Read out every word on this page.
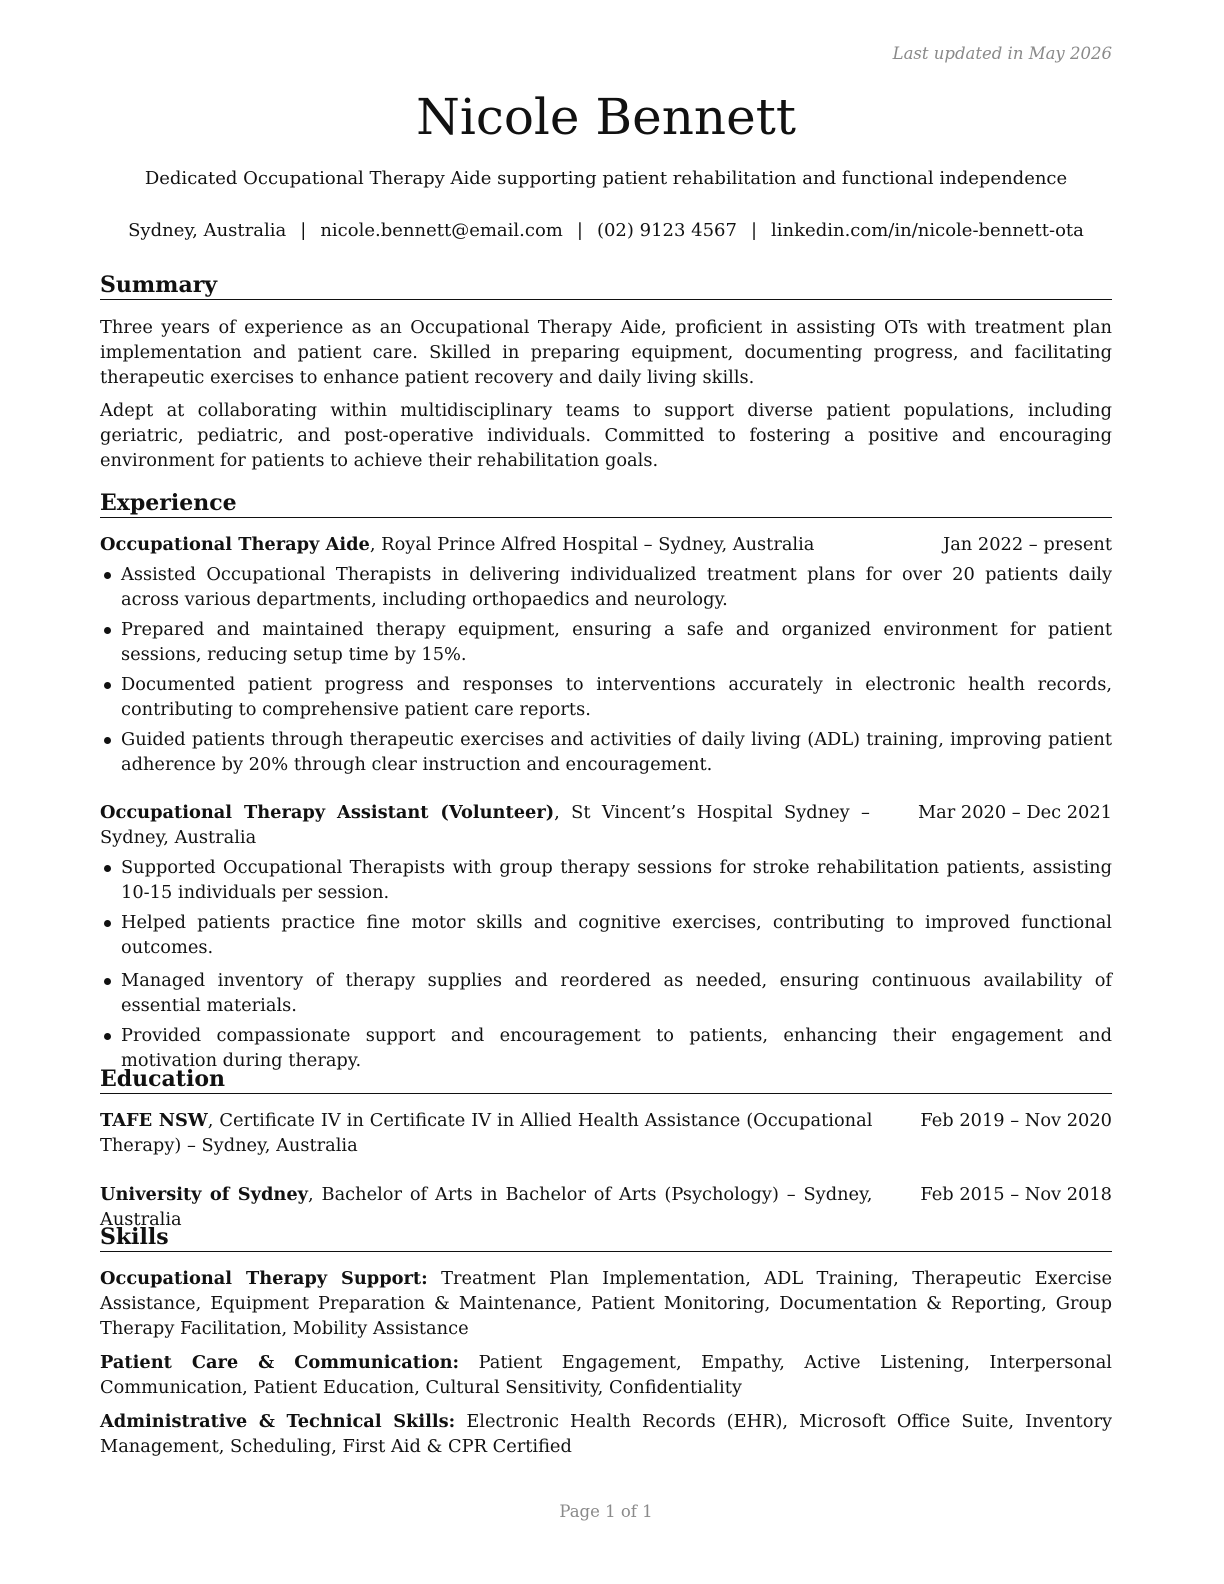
Last updated in May 2026
Nicole Bennett
Dedicated Occupational Therapy Aide supporting patient rehabilitation and functional independence
Sydney, Australia | nicole.bennett@email.com | (02) 9123 4567 | linkedin.com/in/nicole-bennett-ota
Summary

Three years of experience as an Occupational Therapy Aide, proficient in assisting OTs with treatment plan implementation and patient care. Skilled in preparing equipment, documenting progress, and facilitating therapeutic exercises to enhance patient recovery and daily living skills.

Adept at collaborating within multidisciplinary teams to support diverse patient populations, including geriatric, pediatric, and post-operative individuals. Committed to fostering a positive and encouraging environment for patients to achieve their rehabilitation goals.

Experience
Occupational Therapy Aide, Royal Prince Alfred Hospital – Sydney, Australia	Jan 2022 – present
Assisted Occupational Therapists in delivering individualized treatment plans for over 20 patients daily across various departments, including orthopaedics and neurology.
Prepared and maintained therapy equipment, ensuring a safe and organized environment for patient sessions, reducing setup time by 15%.
Documented patient progress and responses to interventions accurately in electronic health records, contributing to comprehensive patient care reports.
Guided patients through therapeutic exercises and activities of daily living (ADL) training, improving patient adherence by 20% through clear instruction and encouragement.
Occupational Therapy Assistant (Volunteer), St Vincent’s Hospital Sydney – Sydney, Australia
Mar 2020 – Dec 2021
Supported Occupational Therapists with group therapy sessions for stroke rehabilitation patients, assisting 10-15 individuals per session.
Helped patients practice fine motor skills and cognitive exercises, contributing to improved functional outcomes.
Managed inventory of therapy supplies and reordered as needed, ensuring continuous availability of essential materials.
Provided compassionate support and encouragement to patients, enhancing their engagement and motivation during therapy.
Education
TAFE NSW, Certificate IV in Certificate IV in Allied Health Assistance (Occupational Therapy) – Sydney, Australia
Feb 2019 – Nov 2020
University of Sydney, Bachelor of Arts in Bachelor of Arts (Psychology) – Sydney, Australia
Feb 2015 – Nov 2018
Skills

Occupational Therapy Support: Treatment Plan Implementation, ADL Training, Therapeutic Exercise Assistance, Equipment Preparation & Maintenance, Patient Monitoring, Documentation & Reporting, Group Therapy Facilitation, Mobility Assistance

Patient Care & Communication: Patient Engagement, Empathy, Active Listening, Interpersonal Communication, Patient Education, Cultural Sensitivity, Confidentiality

Administrative & Technical Skills: Electronic Health Records (EHR), Microsoft Office Suite, Inventory Management, Scheduling, First Aid & CPR Certified

Page 1 of 1
